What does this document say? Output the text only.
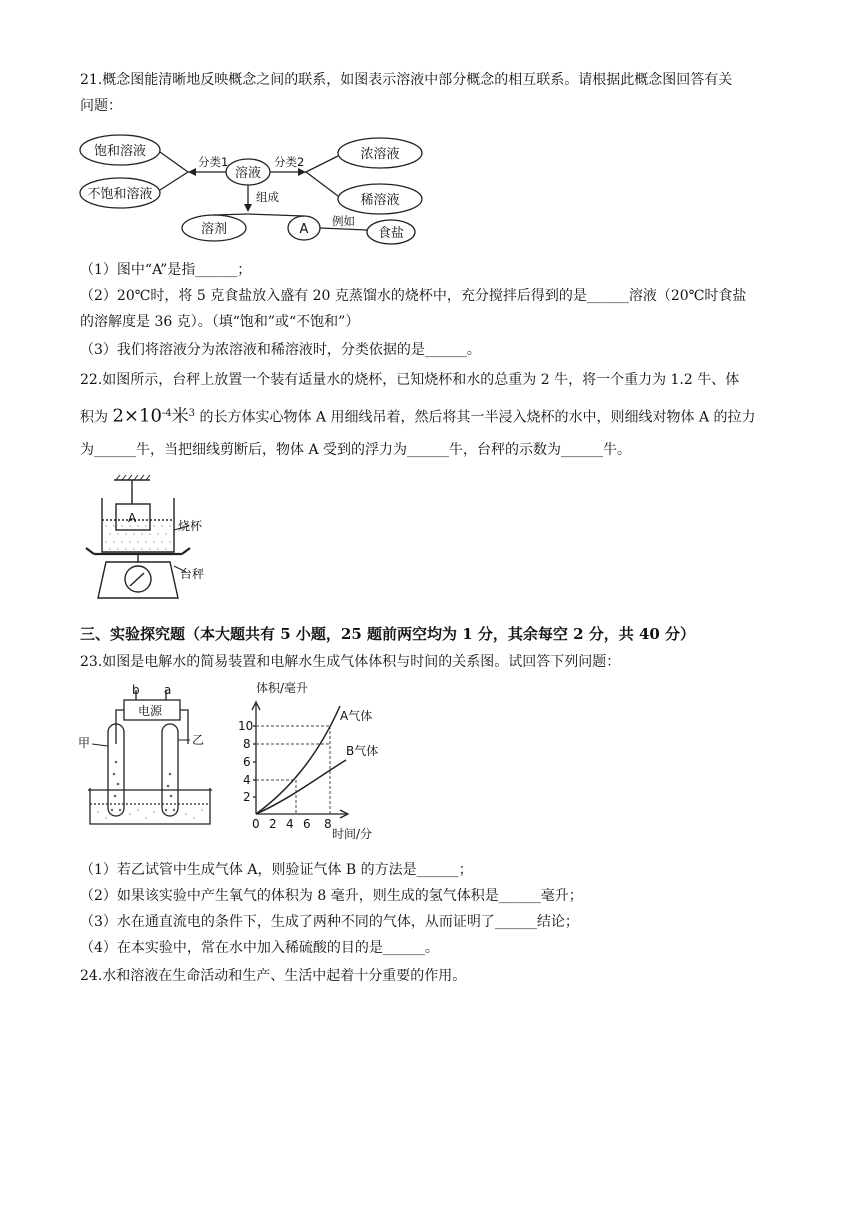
21.概念图能清晰地反映概念之间的联系，如图表示溶液中部分概念的相互联系。请根据此概念图回答有关
问题：
饱和溶液
不饱和溶液
溶液
浓溶液
稀溶液
溶剂	A	食盐
分类1	分类2
组成
例如
（1）图中“A”是指______；
（2）20℃时，将 5 克食盐放入盛有 20 克蒸馏水的烧杯中，充分搅拌后得到的是______溶液（20℃时食盐
的溶解度是 36 克）。（填“饱和”或“不饱和”）
（3）我们将溶液分为浓溶液和稀溶液时，分类依据的是______。
22.如图所示，台秤上放置一个装有适量水的烧杯，已知烧杯和水的总重为 2 牛，将一个重力为 1.2 牛、体
积为 $2\times 10^{-4}$米$^3$ 的长方体实心物体 A 用细线吊着，然后将其一半浸入烧杯的水中，则细线对物体 A 的拉力
为______牛，当把细线剪断后，物体 A 受到的浮力为______牛，台秤的示数为______牛。
A
烧杯
台秤
三、实验探究题（本大题共有 5 小题，25 题前两空均为 1 分，其余每空 2 分，共 40 分）
23.如图是电解水的简易装置和电解水生成气体体积与时间的关系图。试回答下列问题：
b a
电源
甲	乙
体积/毫升
A气体
B气体
时间/分
10
8
6
4
2
0 2 4 6 8
（1）若乙试管中生成气体 A，则验证气体 B 的方法是______；
（2）如果该实验中产生氧气的体积为 8 毫升，则生成的氢气体积是______毫升；
（3）水在通直流电的条件下，生成了两种不同的气体，从而证明了______结论；
（4）在本实验中，常在水中加入稀硫酸的目的是______。
24.水和溶液在生命活动和生产、生活中起着十分重要的作用。
